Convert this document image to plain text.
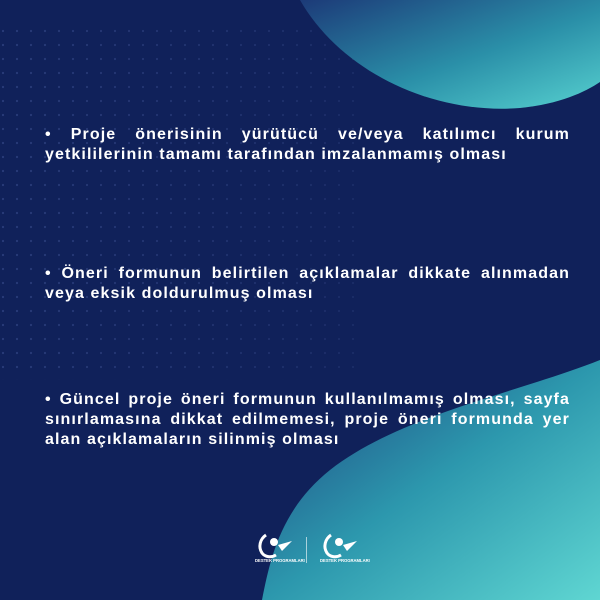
• Proje önerisinin yürütücü ve/veya katılımcı kurum yetkililerinin tamamı tarafından imzalanmamış olması

• Öneri formunun belirtilen açıklamalar dikkate alınmadan veya eksik doldurulmuş olması

• Güncel proje öneri formunun kullanılmamış olması, sayfa sınırlamasına dikkat edilmemesi, proje öneri formunda yer alan açıklamaların silinmiş olması

DESTEK PROGRAMLARI	DESTEK PROGRAMLARI
